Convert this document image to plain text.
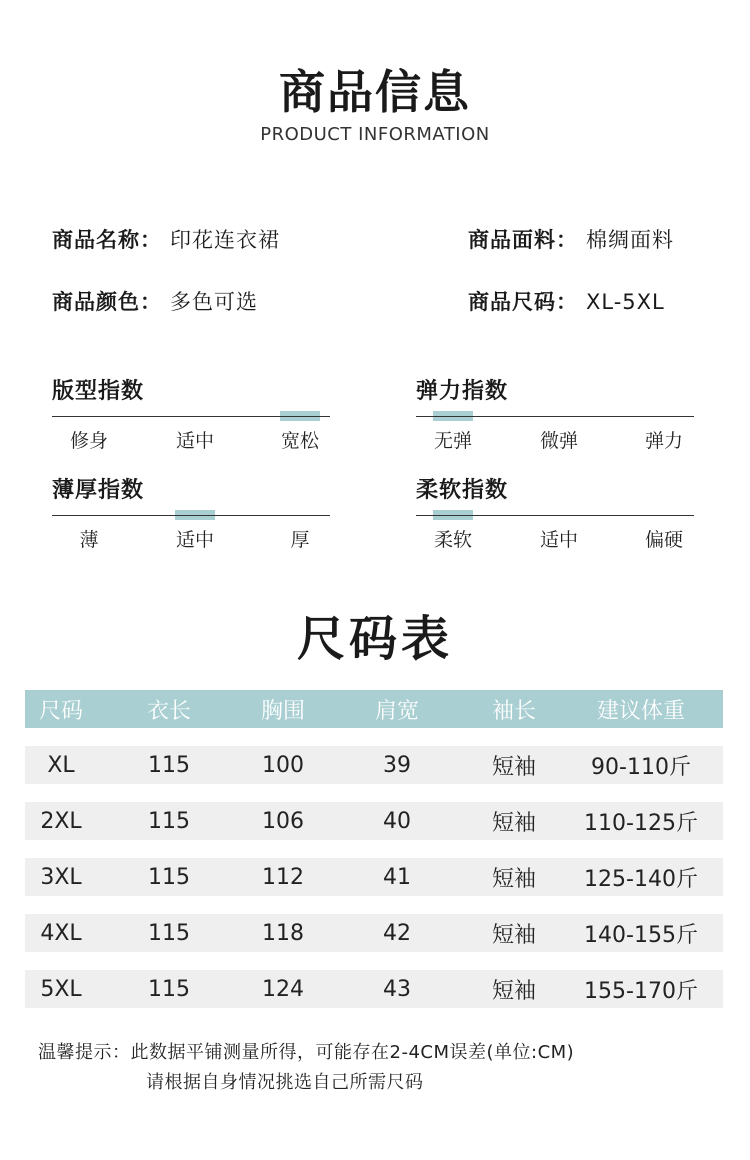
商品信息
PRODUCT INFORMATION
商品名称： 印花连衣裙	商品面料： 棉绸面料
商品颜色： 多色可选	商品尺码： XL-5XL
版型指数
修身	适中	宽松
弹力指数
无弹	微弹	弹力
薄厚指数
薄	适中	厚
柔软指数
柔软	适中	偏硬
尺码表
尺码	衣长	胸围	肩宽	袖长	建议体重
XL	115	100	39	短袖	90-110斤
2XL	115	106	40	短袖	110-125斤
3XL	115	112	41	短袖	125-140斤
4XL	115	118	42	短袖	140-155斤
5XL	115	124	43	短袖	155-170斤
温馨提示：此数据平铺测量所得，可能存在2-4CM误差(单位:CM)
请根据自身情况挑选自己所需尺码
